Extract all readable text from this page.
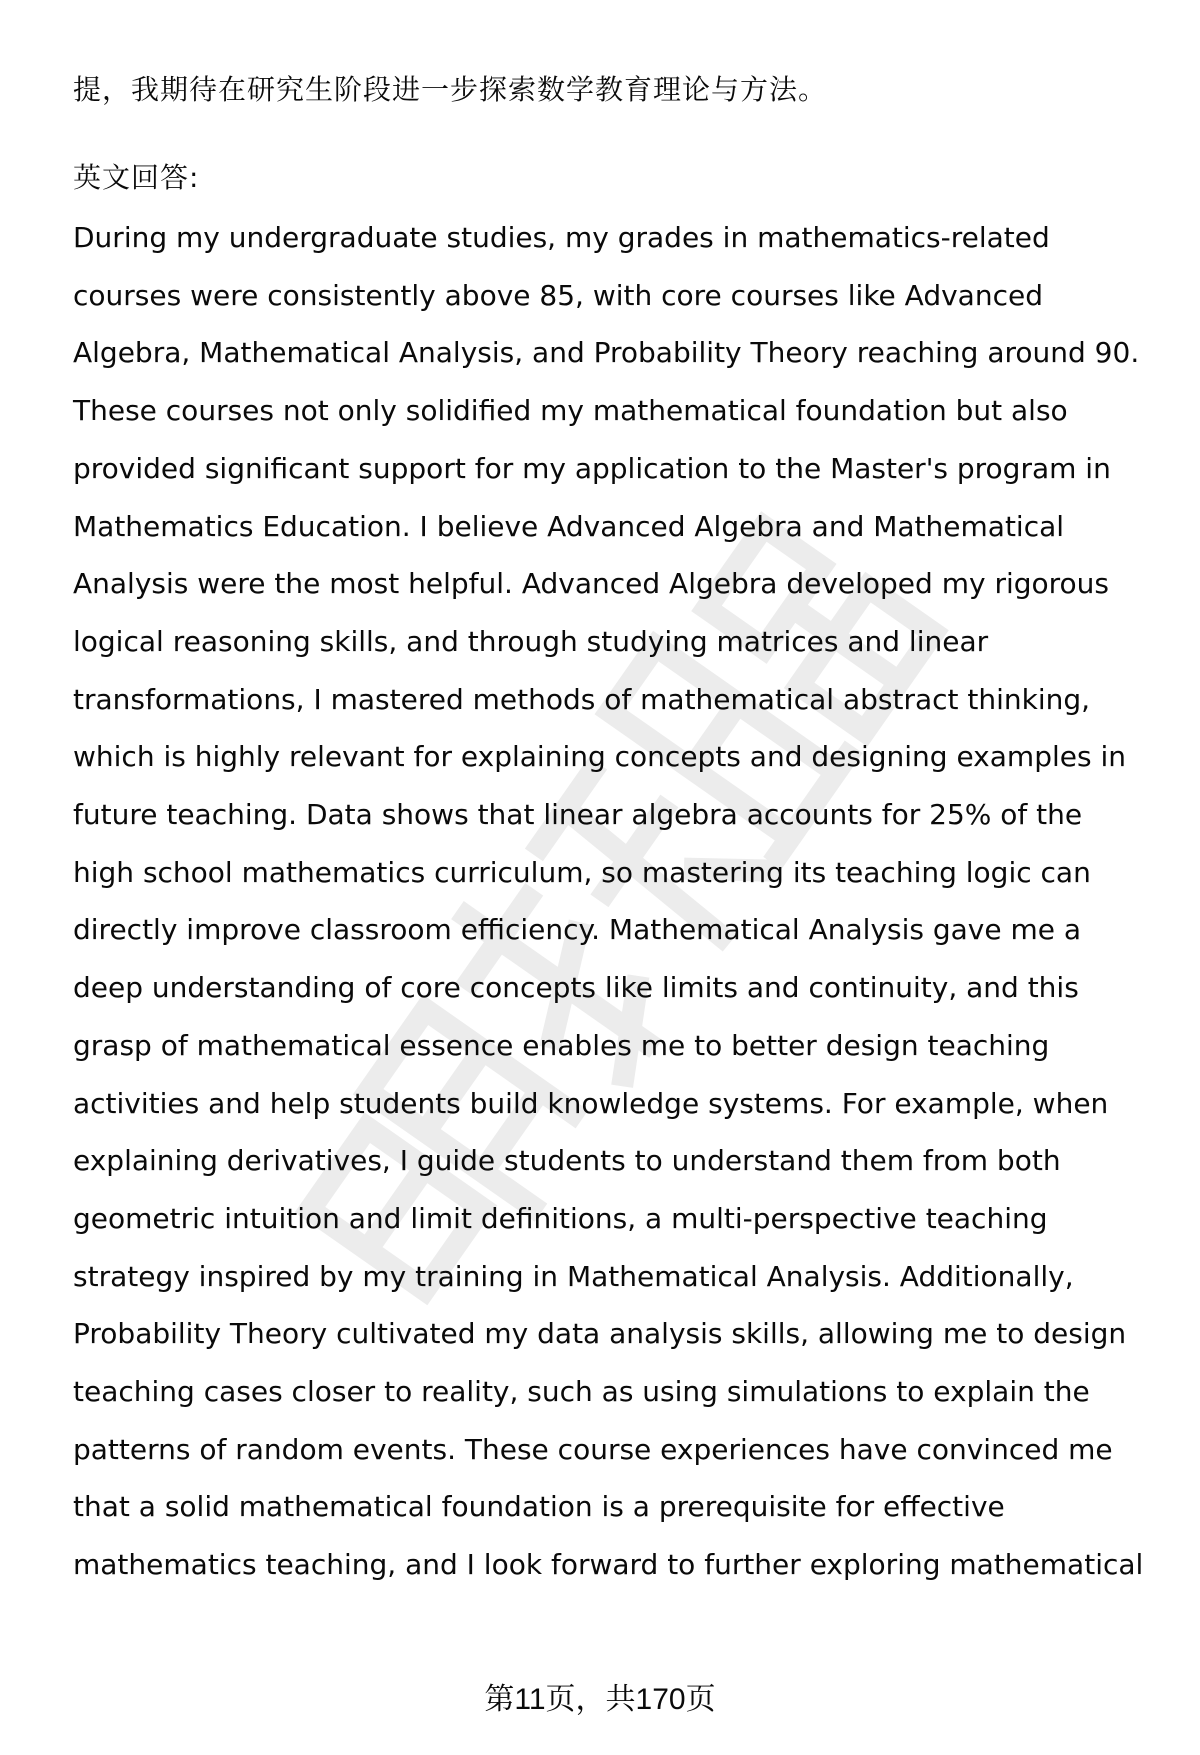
提，我期待在研究生阶段进一步探索数学教育理论与方法。
英文回答:
During my undergraduate studies, my grades in mathematics-related
courses were consistently above 85, with core courses like Advanced
Algebra, Mathematical Analysis, and Probability Theory reaching around 90.
These courses not only solidified my mathematical foundation but also
provided significant support for my application to the Master's program in
Mathematics Education. I believe Advanced Algebra and Mathematical
Analysis were the most helpful. Advanced Algebra developed my rigorous
logical reasoning skills, and through studying matrices and linear
transformations, I mastered methods of mathematical abstract thinking,
which is highly relevant for explaining concepts and designing examples in
future teaching. Data shows that linear algebra accounts for 25% of the
high school mathematics curriculum, so mastering its teaching logic can
directly improve classroom efficiency. Mathematical Analysis gave me a
deep understanding of core concepts like limits and continuity, and this
grasp of mathematical essence enables me to better design teaching
activities and help students build knowledge systems. For example, when
explaining derivatives, I guide students to understand them from both
geometric intuition and limit definitions, a multi-perspective teaching
strategy inspired by my training in Mathematical Analysis. Additionally,
Probability Theory cultivated my data analysis skills, allowing me to design
teaching cases closer to reality, such as using simulations to explain the
patterns of random events. These course experiences have convinced me
that a solid mathematical foundation is a prerequisite for effective
mathematics teaching, and I look forward to further exploring mathematical
第11页，共170页
